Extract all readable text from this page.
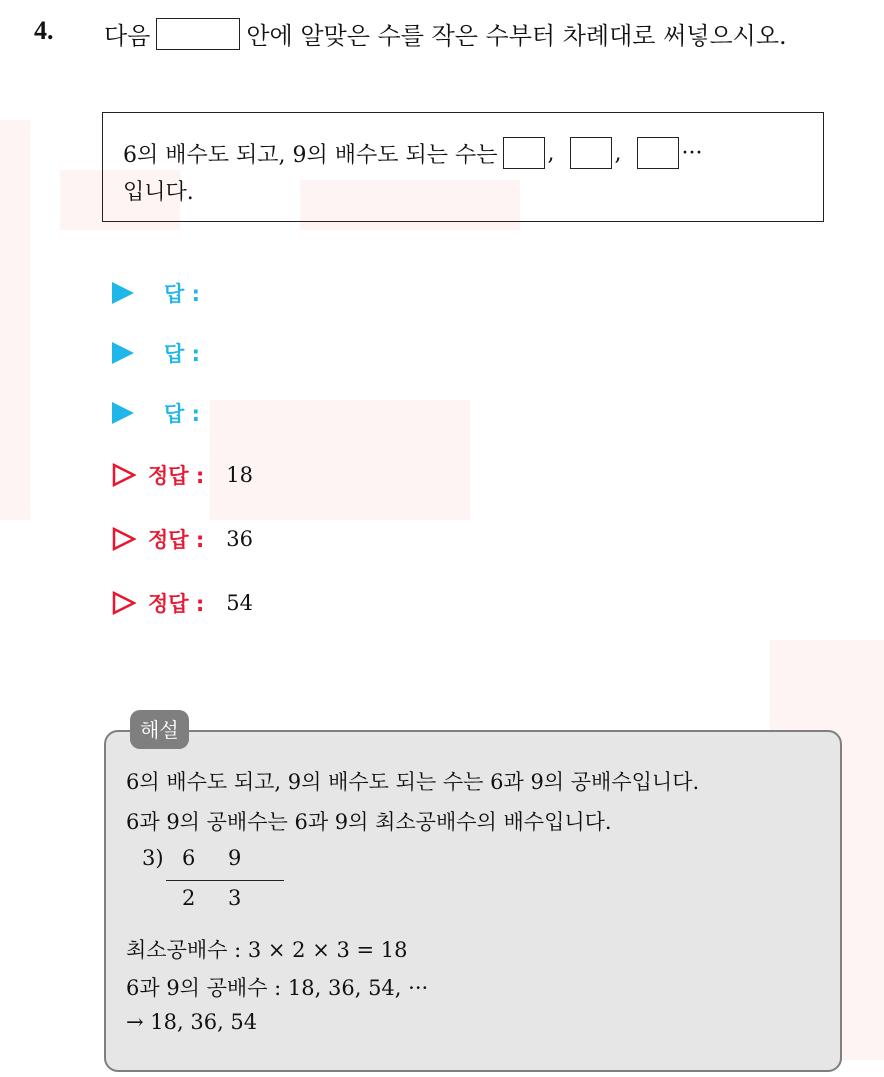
4. 다음	안에 알맞은 수를 작은 수부터 차례대로 써넣으시오.
6의 배수도 되고, 9의 배수도 되는 수는 ,	,	···
입니다.
답 :
답 :
답 :
정답 : 18
정답 : 36
정답 : 54
해설
6의 배수도 되고, 9의 배수도 되는 수는 6과 9의 공배수입니다.
6과 9의 공배수는 6과 9의 최소공배수의 배수입니다.
3) 6 9
2 3
최소공배수 : 3 × 2 × 3 = 18
6과 9의 공배수 : 18, 36, 54, ···
→ 18, 36, 54
